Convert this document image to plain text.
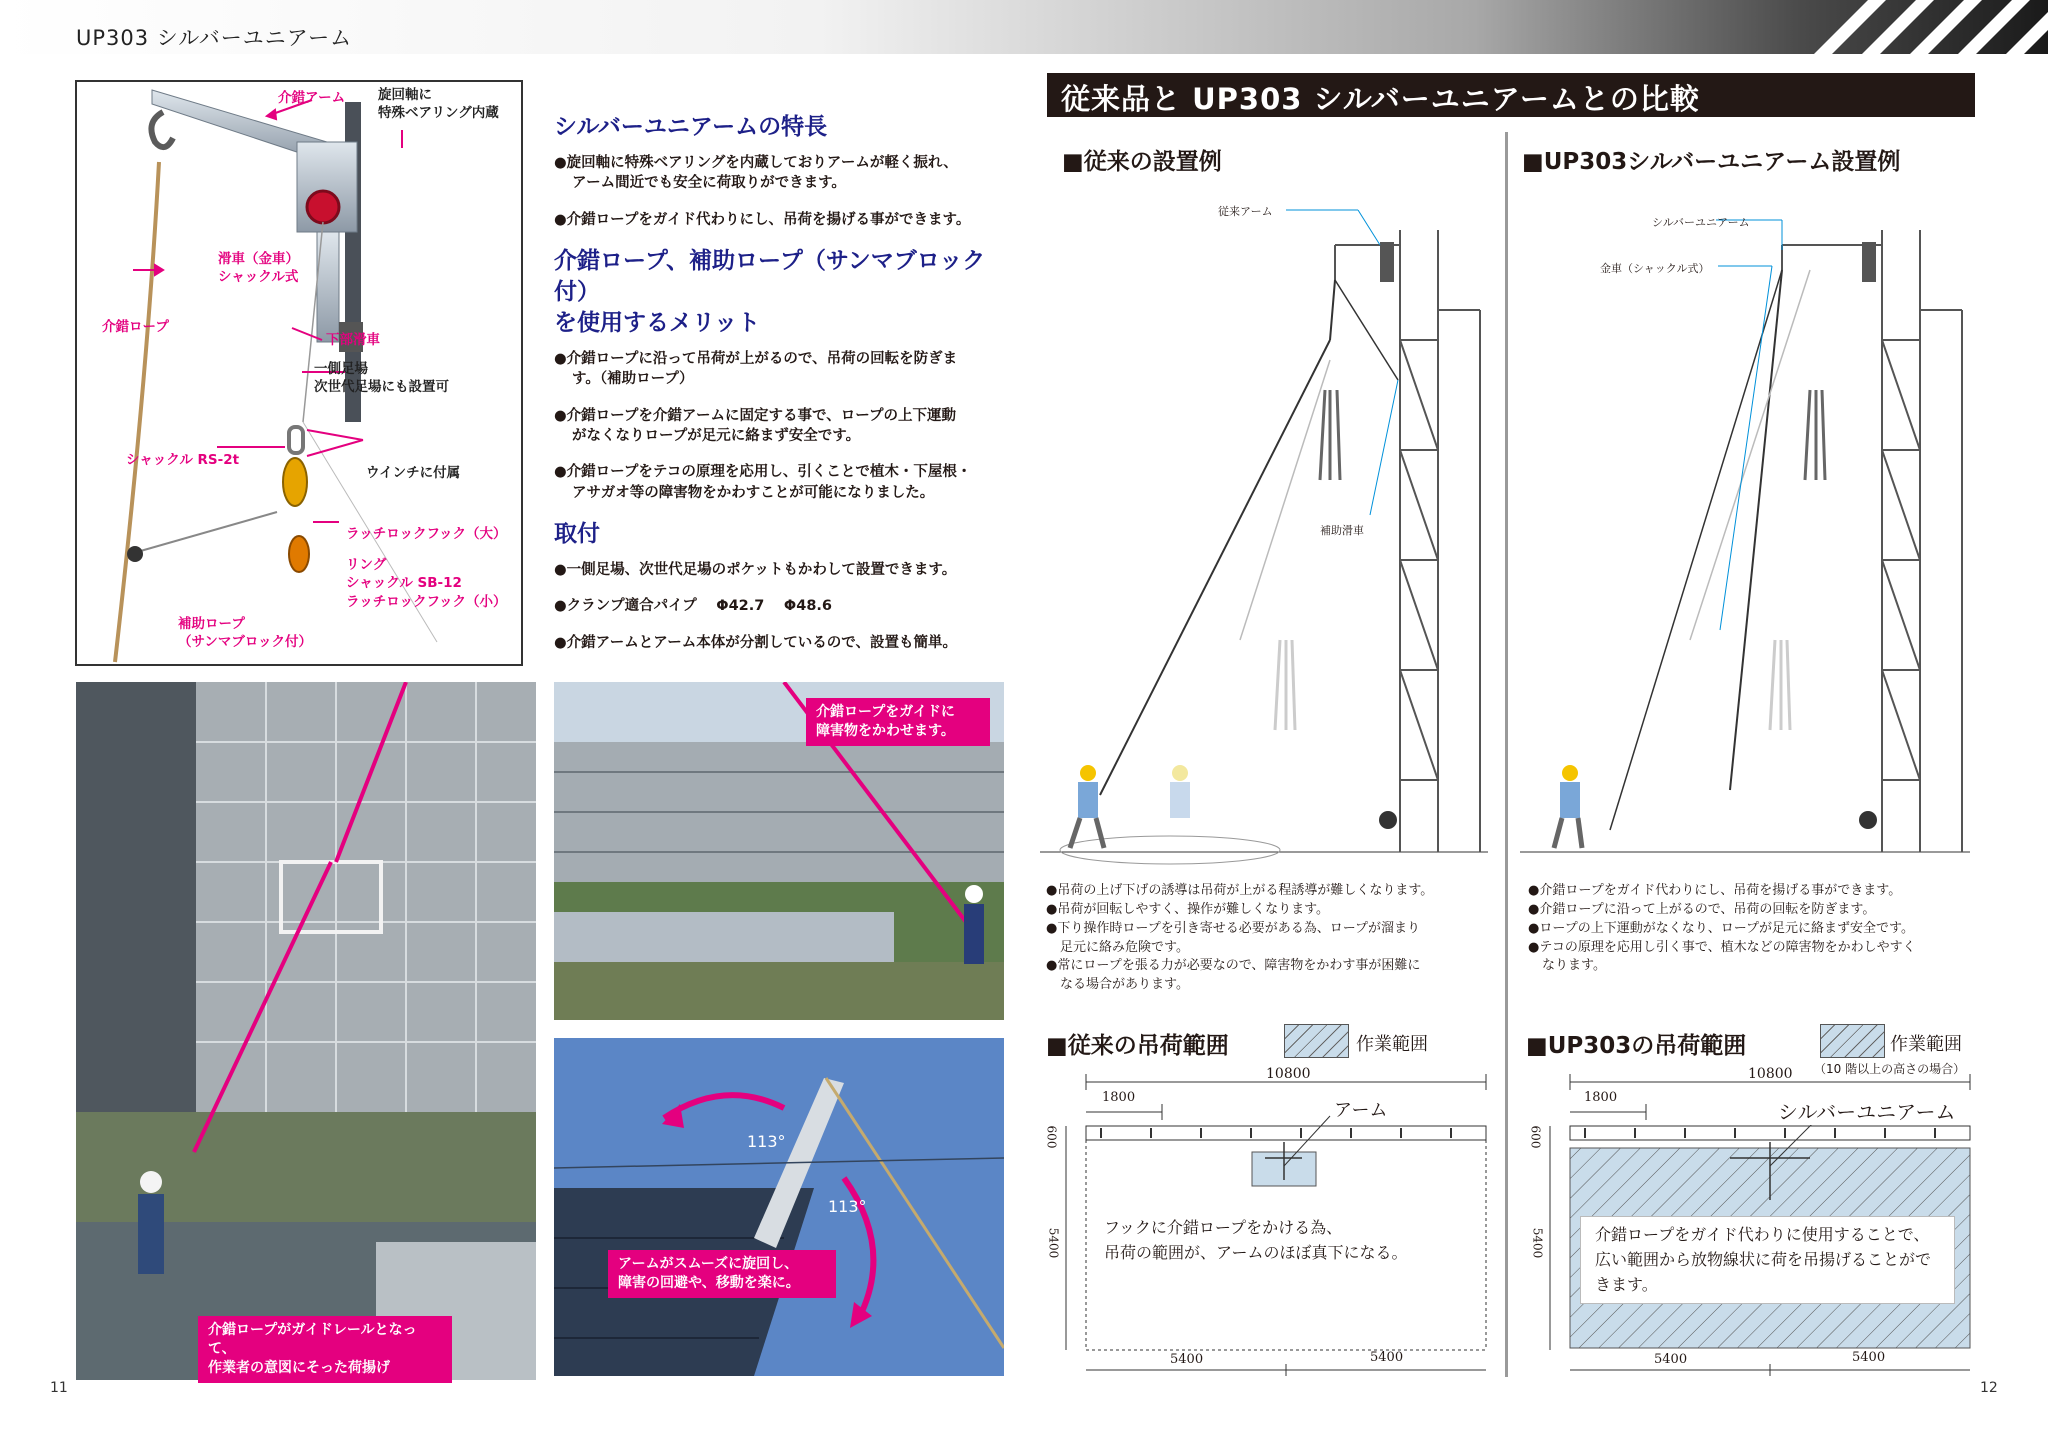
UP303 シルバーユニアーム
介錯アーム 旋回軸に
特殊ベアリング内蔵
滑車（金車）
シャックル式
介錯ロープ
下部滑車
一側足場
次世代足場にも設置可
シャックル RS-2t
ウインチに付属
ラッチロックフック（大）
リング
シャックル SB-12
ラッチロックフック（小）
補助ロープ
（サンマブロック付）
シルバーユニアームの特長

●旋回軸に特殊ベアリングを内蔵しておりアームが軽く振れ、
アーム間近でも安全に荷取りができます。

●介錯ロープをガイド代わりにし、吊荷を揚げる事ができます。

介錯ロープ、補助ロープ（サンマブロック付）
を使用するメリット

●介錯ロープに沿って吊荷が上がるので、吊荷の回転を防ぎま
す。（補助ロープ）

●介錯ロープを介錯アームに固定する事で、ロープの上下運動
がなくなりロープが足元に絡まず安全です。

●介錯ロープをテコの原理を応用し、引くことで植木・下屋根・
アサガオ等の障害物をかわすことが可能になりました。

取付

●一側足場、次世代足場のポケットもかわして設置できます。

●クランプ適合パイプ　 Φ42.7　 Φ48.6

●介錯アームとアーム本体が分割しているので、設置も簡単。

介錯ロープがガイドレールとなって、
作業者の意図にそった荷揚げ
介錯ロープをガイドに
障害物をかわせます。
113°
113°
アームがスムーズに旋回し、
障害の回避や、移動を楽に。
11	12
従来品と UP303 シルバーユニアームとの比較
■従来の設置例	■UP303シルバーユニアーム設置例
従来アーム
補助滑車
シルバーユニアーム
金車（シャックル式）
●吊荷の上げ下げの誘導は吊荷が上がる程誘導が難しくなります。
●吊荷が回転しやすく、操作が難しくなります。
●下り操作時ロープを引き寄せる必要がある為、ロープが溜まり
足元に絡み危険です。
●常にロープを張る力が必要なので、障害物をかわす事が困難に
なる場合があります。
●介錯ロープをガイド代わりにし、吊荷を揚げる事ができます。
●介錯ロープに沿って上がるので、吊荷の回転を防ぎます。
●ロープの上下運動がなくなり、ロープが足元に絡まず安全です。
●テコの原理を応用し引く事で、植木などの障害物をかわしやすく
なります。
■従来の吊荷範囲	作業範囲	■UP303の吊荷範囲	作業範囲
（10 階以上の高さの場合）
10800
1800
600
5400
5400	5400
アーム
フックに介錯ロープをかける為、
吊荷の範囲が、アームのほぼ真下になる。
10800
1800
600
5400
5400	5400
シルバーユニアーム
介錯ロープをガイド代わりに使用することで、
広い範囲から放物線状に荷を吊揚げることがで
きます。
